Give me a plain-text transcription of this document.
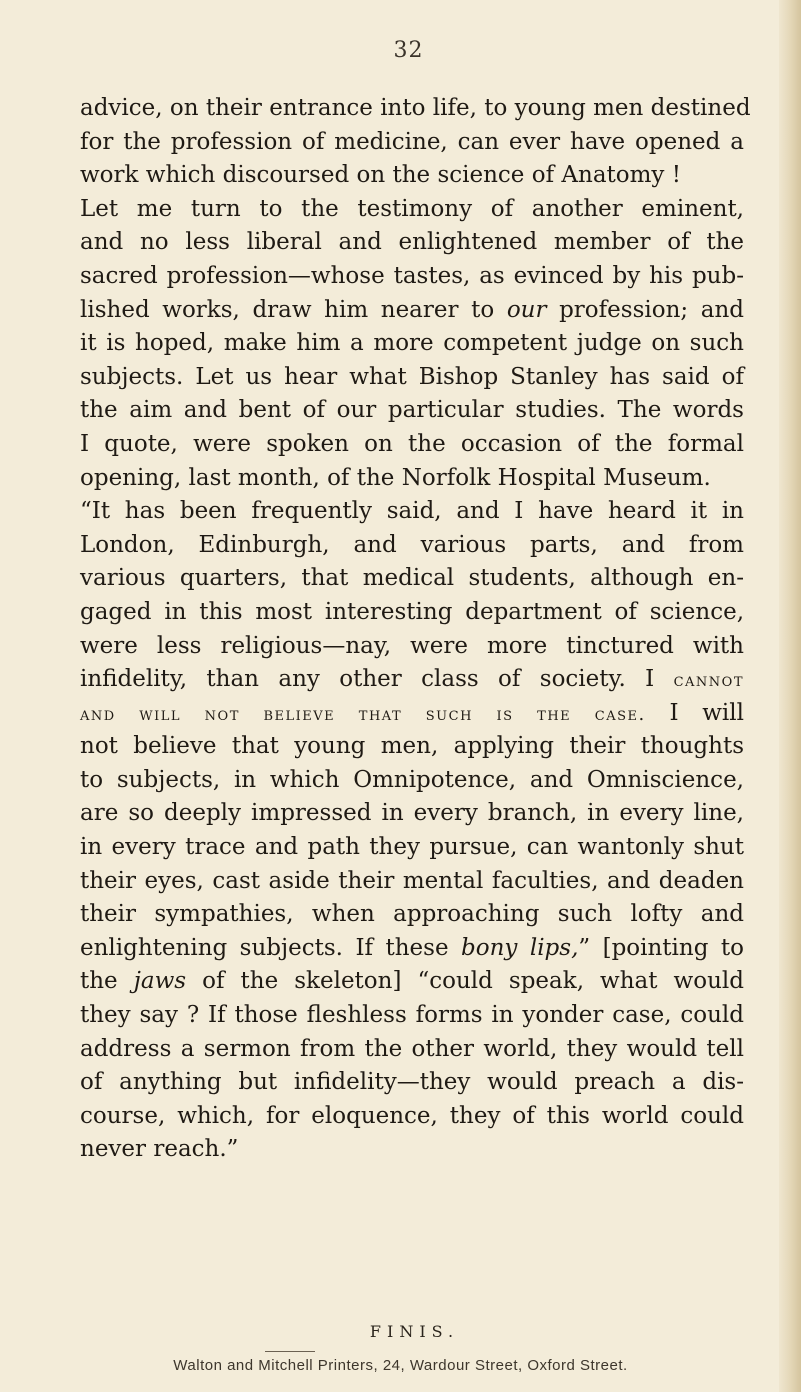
32
advice, on their entrance into life, to young men destined
for the profession of medicine, can ever have opened a
work which discoursed on the science of Anatomy !
Let me turn to the testimony of another eminent,
and no less liberal and enlightened member of the
sacred profession—whose tastes, as evinced by his pub-
lished works, draw him nearer to our profession; and
it is hoped, make him a more competent judge on such
subjects. Let us hear what Bishop Stanley has said of
the aim and bent of our particular studies. The words
I quote, were spoken on the occasion of the formal
opening, last month, of the Norfolk Hospital Museum.
“It has been frequently said, and I have heard it in
London, Edinburgh, and various parts, and from
various quarters, that medical students, although en-
gaged in this most interesting department of science,
were less religious—nay, were more tinctured with
infidelity, than any other class of society. I cannot
and will not believe that such is the case. I will
not believe that young men, applying their thoughts
to subjects, in which Omnipotence, and Omniscience,
are so deeply impressed in every branch, in every line,
in every trace and path they pursue, can wantonly shut
their eyes, cast aside their mental faculties, and deaden
their sympathies, when approaching such lofty and
enlightening subjects. If these bony lips,” [pointing to
the jaws of the skeleton] “could speak, what would
they say ? If those fleshless forms in yonder case, could
address a sermon from the other world, they would tell
of anything but infidelity—they would preach a dis-
course, which, for eloquence, they of this world could
never reach.”
FINIS.
Walton and Mitchell Printers, 24, Wardour Street, Oxford Street.
